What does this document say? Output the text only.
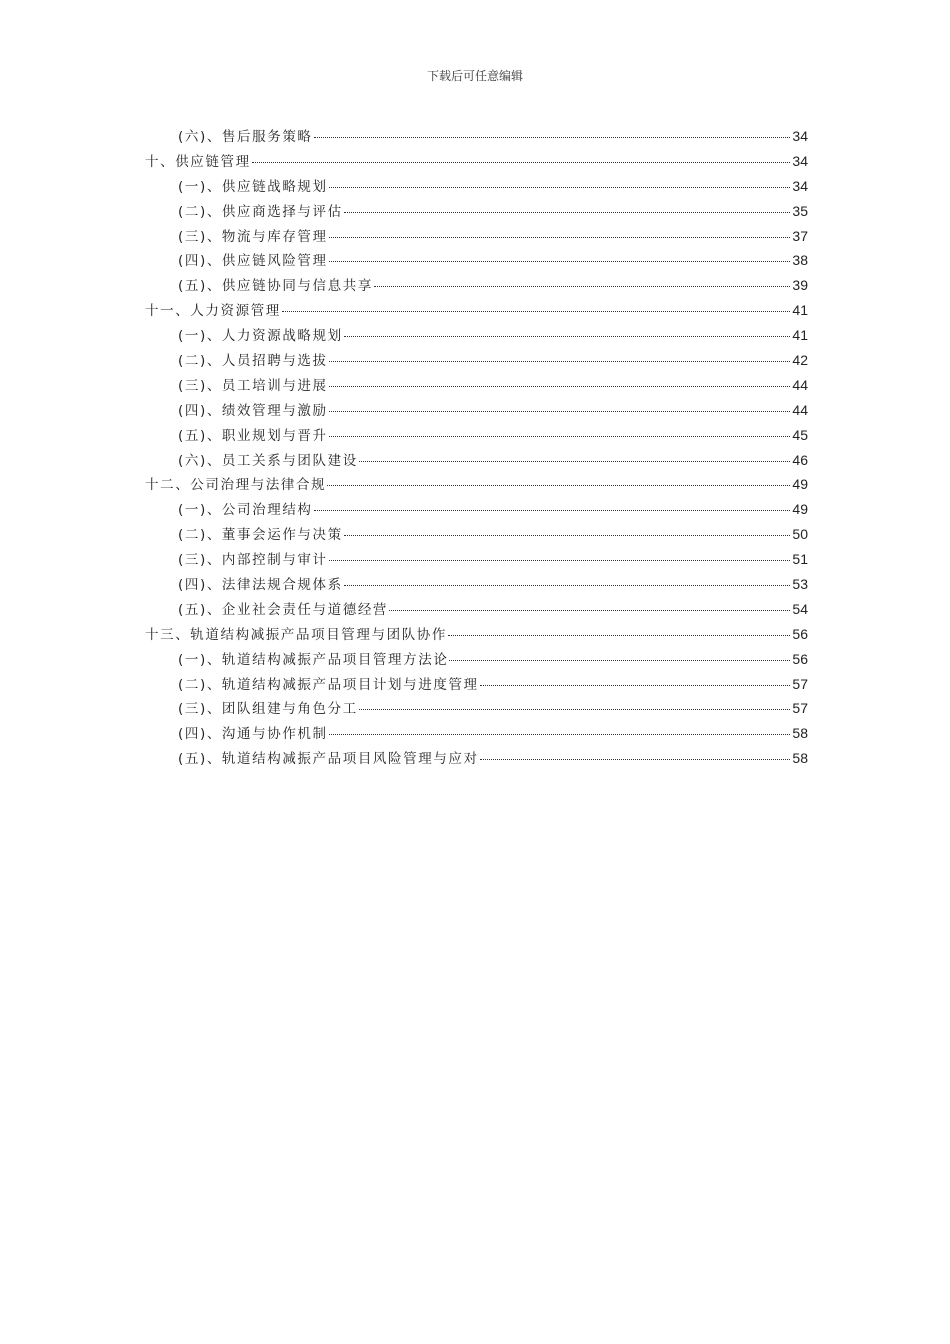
下载后可任意编辑
(六)、售后服务策略	34
十、供应链管理	34
(一)、供应链战略规划	34
(二)、供应商选择与评估	35
(三)、物流与库存管理	37
(四)、供应链风险管理	38
(五)、供应链协同与信息共享	39
十一、人力资源管理	41
(一)、人力资源战略规划	41
(二)、人员招聘与选拔	42
(三)、员工培训与进展	44
(四)、绩效管理与激励	44
(五)、职业规划与晋升	45
(六)、员工关系与团队建设	46
十二、公司治理与法律合规	49
(一)、公司治理结构	49
(二)、董事会运作与决策	50
(三)、内部控制与审计	51
(四)、法律法规合规体系	53
(五)、企业社会责任与道德经营	54
十三、轨道结构减振产品项目管理与团队协作	56
(一)、轨道结构减振产品项目管理方法论	56
(二)、轨道结构减振产品项目计划与进度管理	57
(三)、团队组建与角色分工	57
(四)、沟通与协作机制	58
(五)、轨道结构减振产品项目风险管理与应对	58
